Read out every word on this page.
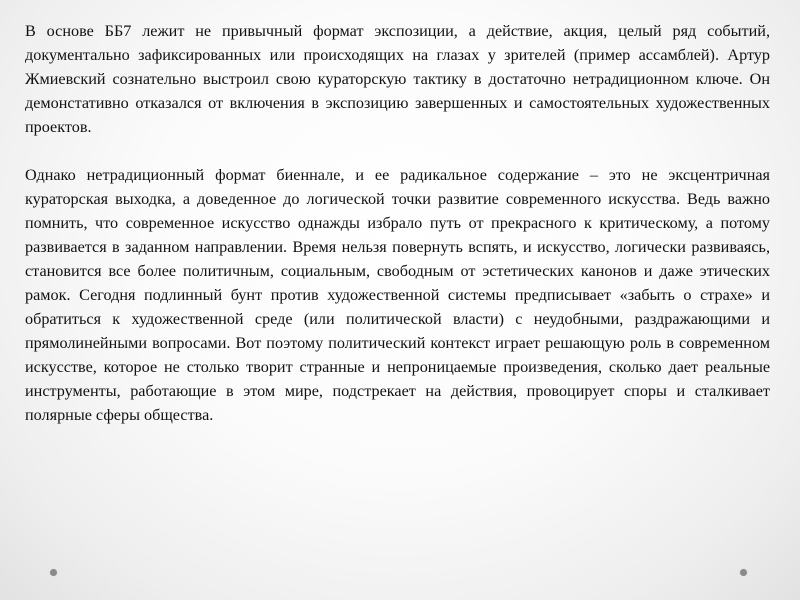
В основе ББ7 лежит не привычный формат экспозиции, а действие, акция, целый ряд событий, документально зафиксированных или происходящих на глазах у зрителей (пример ассамблей). Артур Жмиевский сознательно выстроил свою кураторскую тактику в достаточно нетрадиционном ключе. Он демонстативно отказался от включения в экспозицию завершенных и самостоятельных художественных проектов.

Однако нетрадиционный формат биеннале, и ее радикальное содержание – это не эксцентричная кураторская выходка, а доведенное до логической точки развитие современного искусства. Ведь важно помнить, что современное искусство однажды избрало путь от прекрасного к критическому, а потому развивается в заданном направлении. Время нельзя повернуть вспять, и искусство, логически развиваясь, становится все более политичным, социальным, свободным от эстетических канонов и даже этических рамок. Сегодня подлинный бунт против художественной системы предписывает «забыть о страхе» и обратиться к художественной среде (или политической власти) с неудобными, раздражающими и прямолинейными вопросами. Вот поэтому политический контекст играет решающую роль в современном искусстве, которое не столько творит странные и непроницаемые произведения, сколько дает реальные инструменты, работающие в этом мире, подстрекает на действия, провоцирует споры и сталкивает полярные сферы общества.
